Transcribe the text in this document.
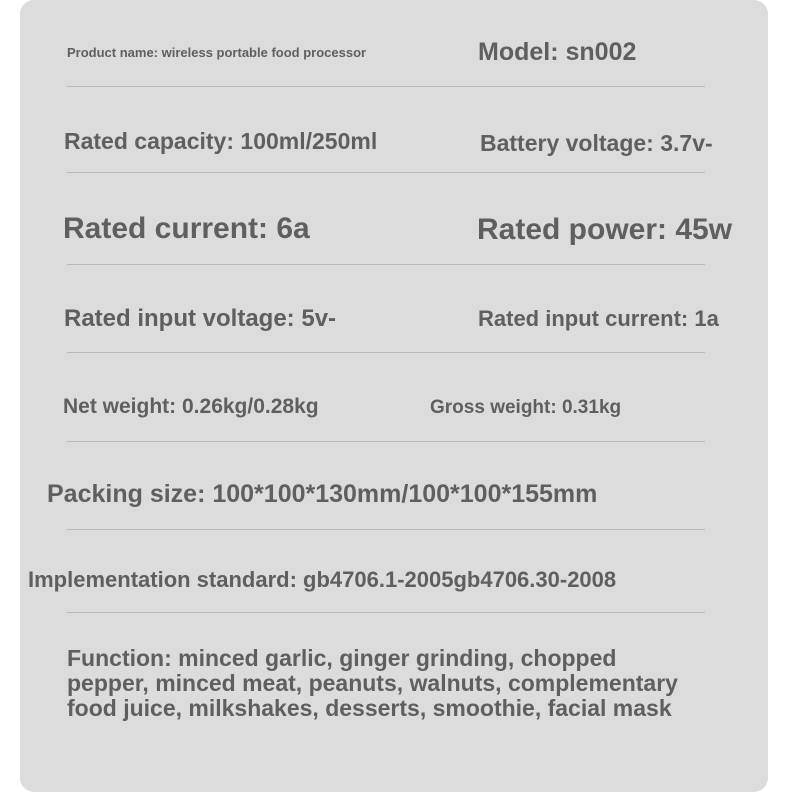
Product name: wireless portable food processor	Model: sn002
Rated capacity: 100ml/250ml	Battery voltage: 3.7v-
Rated current: 6a	Rated power: 45w
Rated input voltage: 5v-	Rated input current: 1a
Net weight: 0.26kg/0.28kg	Gross weight: 0.31kg
Packing size: 100*100*130mm/100*100*155mm
Implementation standard: gb4706.1-2005gb4706.30-2008
Function: minced garlic, ginger grinding, chopped
pepper, minced meat, peanuts, walnuts, complementary
food juice, milkshakes, desserts, smoothie, facial mask
